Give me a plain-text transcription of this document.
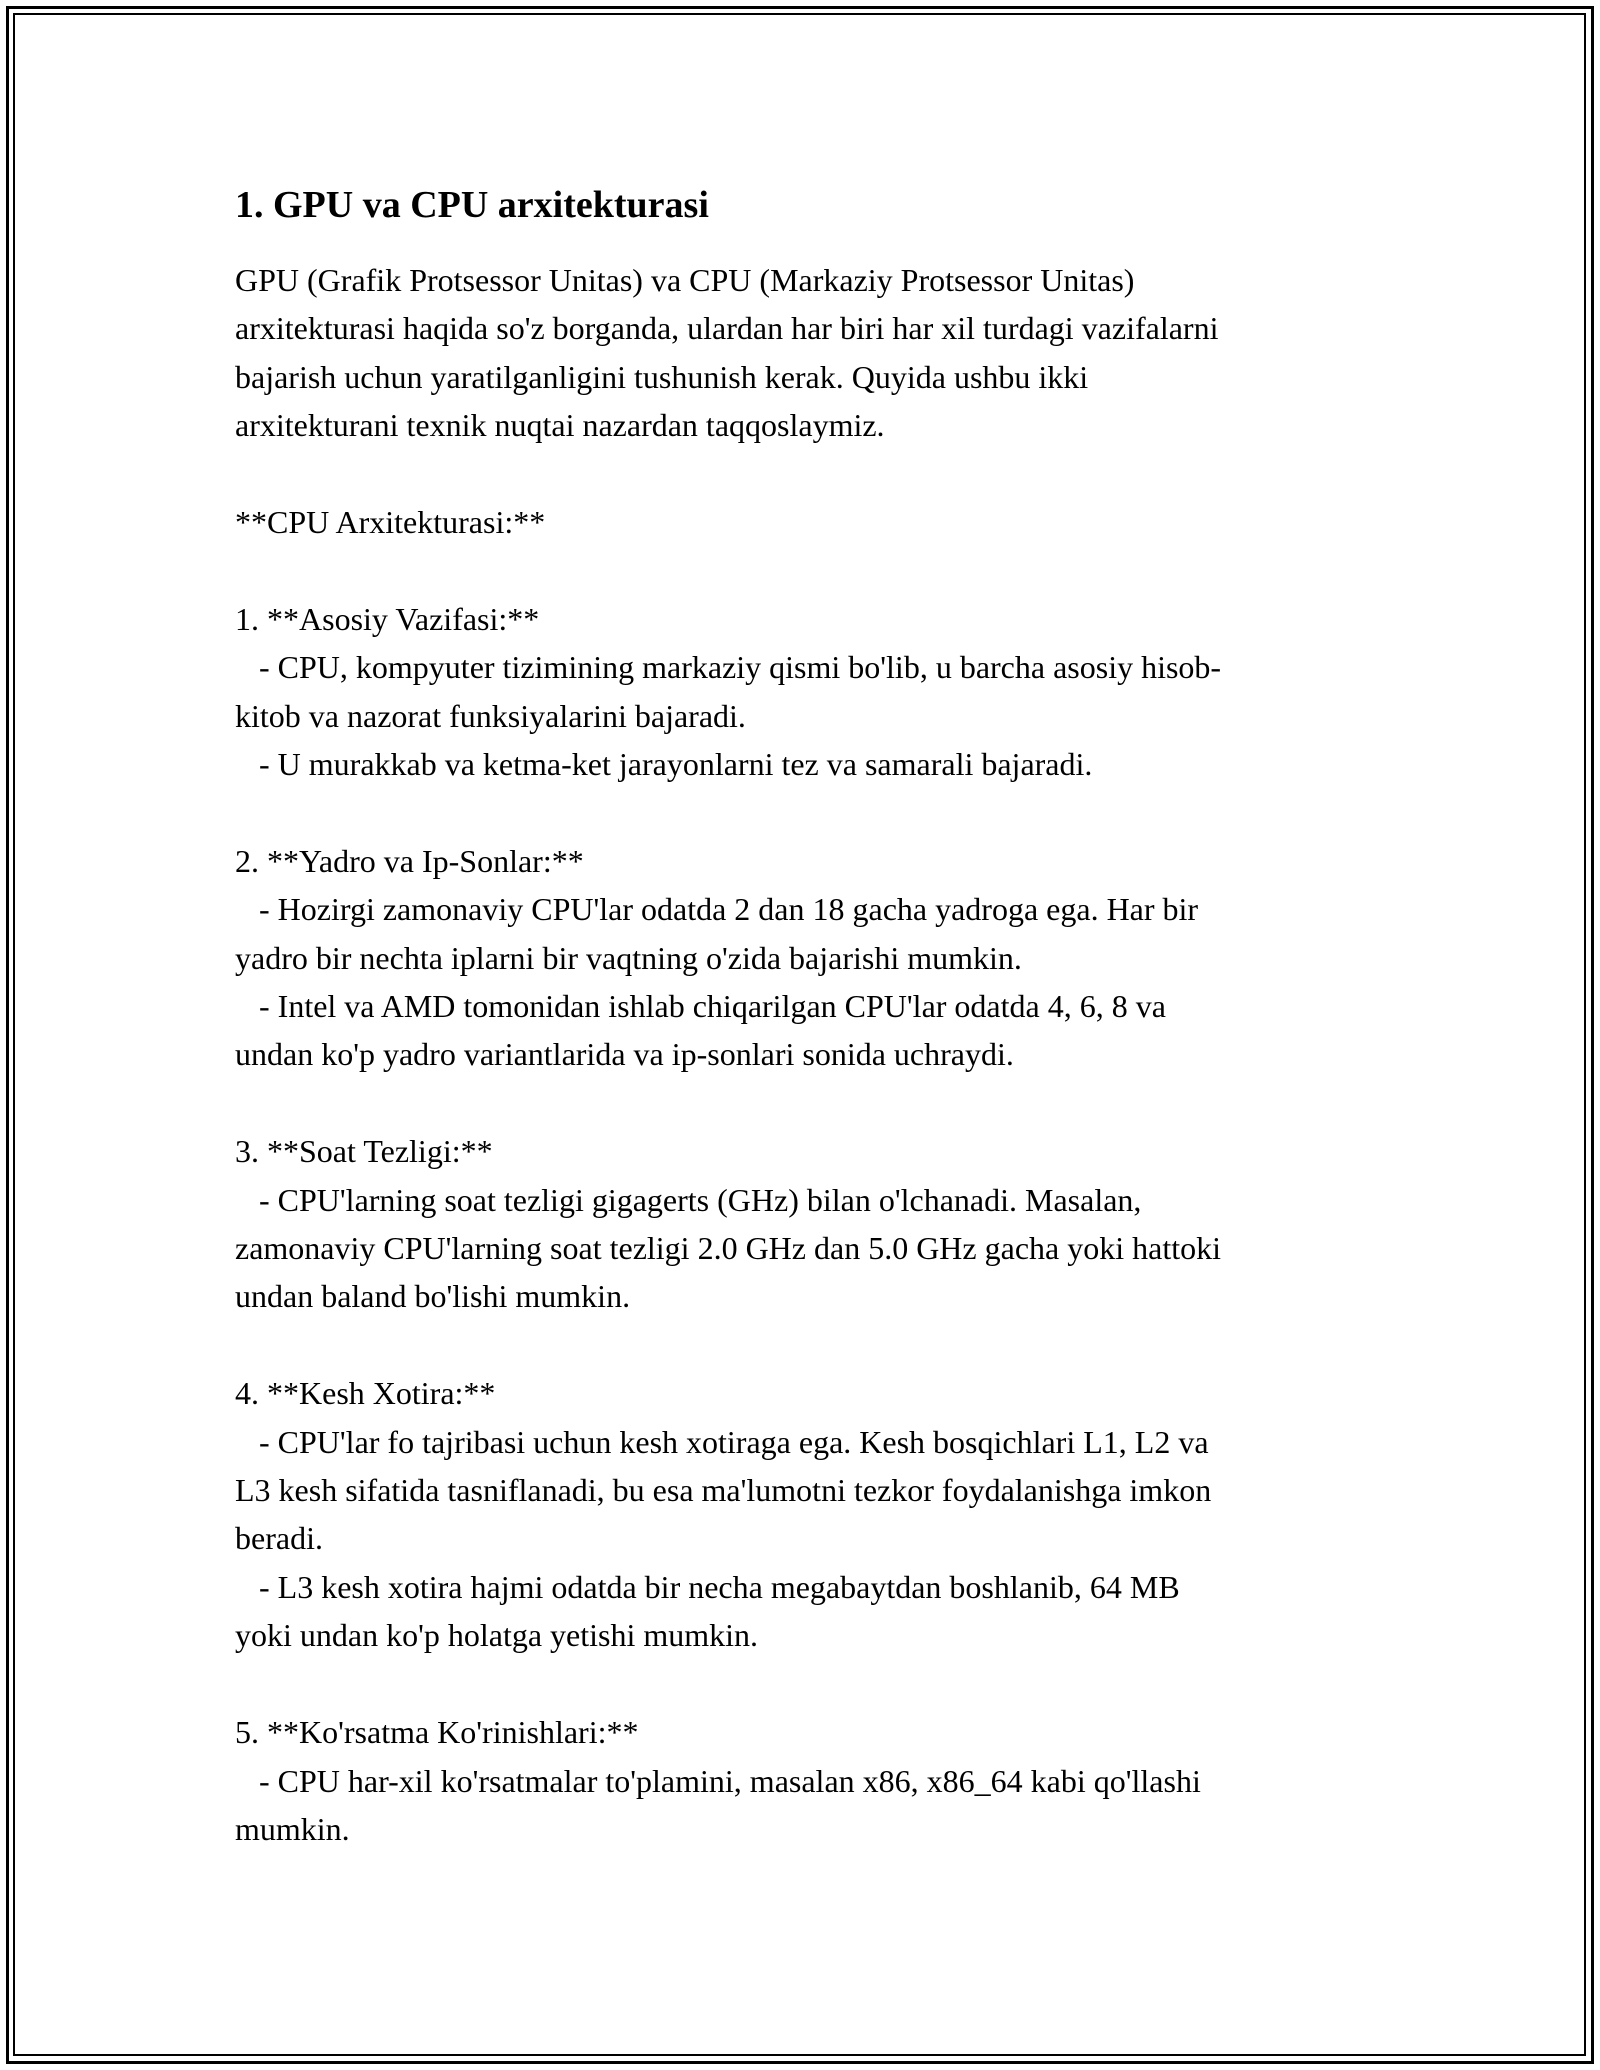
1. GPU va CPU arxitekturasi
GPU (Grafik Protsessor Unitas) va CPU (Markaziy Protsessor Unitas)
arxitekturasi haqida so'z borganda, ulardan har biri har xil turdagi vazifalarni
bajarish uchun yaratilganligini tushunish kerak. Quyida ushbu ikki
arxitekturani texnik nuqtai nazardan taqqoslaymiz.
**CPU Arxitekturasi:**
1. **Asosiy Vazifasi:**
- CPU, kompyuter tizimining markaziy qismi bo'lib, u barcha asosiy hisob-
kitob va nazorat funksiyalarini bajaradi.
- U murakkab va ketma-ket jarayonlarni tez va samarali bajaradi.
2. **Yadro va Ip-Sonlar:**
- Hozirgi zamonaviy CPU'lar odatda 2 dan 18 gacha yadroga ega. Har bir
yadro bir nechta iplarni bir vaqtning o'zida bajarishi mumkin.
- Intel va AMD tomonidan ishlab chiqarilgan CPU'lar odatda 4, 6, 8 va
undan ko'p yadro variantlarida va ip-sonlari sonida uchraydi.
3. **Soat Tezligi:**
- CPU'larning soat tezligi gigagerts (GHz) bilan o'lchanadi. Masalan,
zamonaviy CPU'larning soat tezligi 2.0 GHz dan 5.0 GHz gacha yoki hattoki
undan baland bo'lishi mumkin.
4. **Kesh Xotira:**
- CPU'lar fo tajribasi uchun kesh xotiraga ega. Kesh bosqichlari L1, L2 va
L3 kesh sifatida tasniflanadi, bu esa ma'lumotni tezkor foydalanishga imkon
beradi.
- L3 kesh xotira hajmi odatda bir necha megabaytdan boshlanib, 64 MB
yoki undan ko'p holatga yetishi mumkin.
5. **Ko'rsatma Ko'rinishlari:**
- CPU har-xil ko'rsatmalar to'plamini, masalan x86, x86_64 kabi qo'llashi
mumkin.
